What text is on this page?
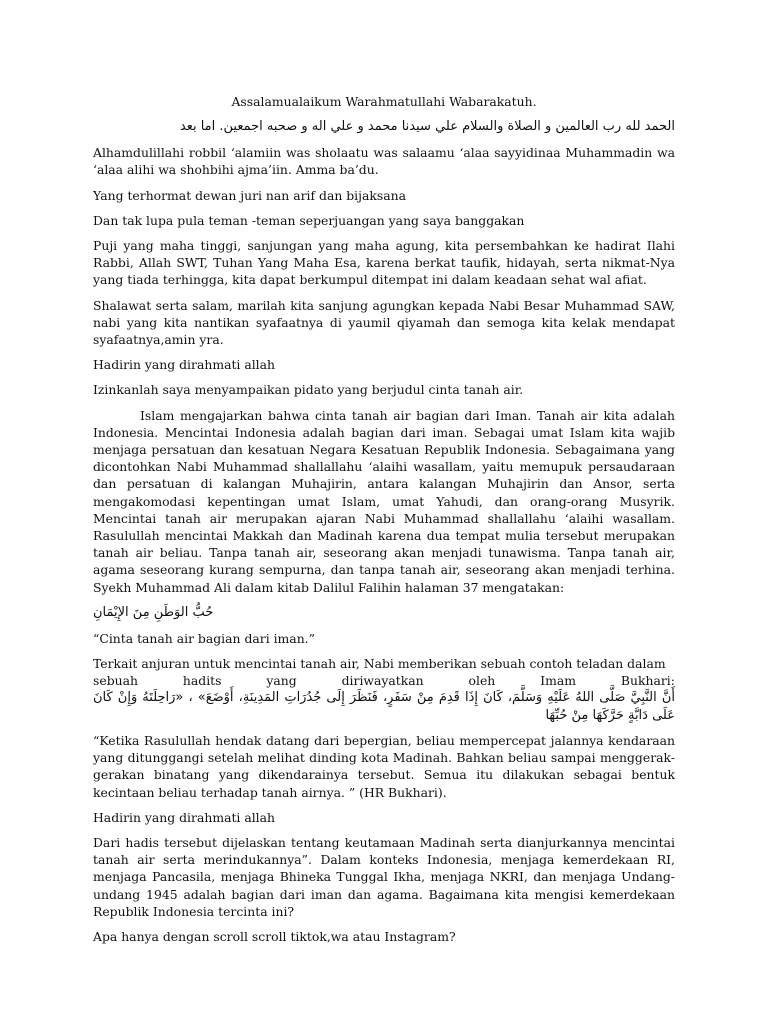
Assalamualaikum Warahmatullahi Wabarakatuh.

الحمد لله رب العالمين و الصلاة والسلام علي سيدنا محمد و علي اله و صحبه اجمعين. اما بعد

Alhamdulillahi robbil ‘alamiin was sholaatu was salaamu ‘alaa sayyidinaa Muhammadin wa ‘alaa alihi wa shohbihi ajma’iin. Amma ba’du.

Yang terhormat dewan juri nan arif dan bijaksana

Dan tak lupa pula teman -teman seperjuangan yang saya banggakan

Puji yang maha tinggi, sanjungan yang maha agung, kita persembahkan ke hadirat Ilahi Rabbi, Allah SWT, Tuhan Yang Maha Esa, karena berkat taufik, hidayah, serta nikmat-Nya yang tiada terhingga, kita dapat berkumpul ditempat ini dalam keadaan sehat wal afiat.

Shalawat serta salam, marilah kita sanjung agungkan kepada Nabi Besar Muhammad SAW, nabi yang kita nantikan syafaatnya di yaumil qiyamah dan semoga kita kelak mendapat syafaatnya,amin yra.

Hadirin yang dirahmati allah

Izinkanlah saya menyampaikan pidato yang berjudul cinta tanah air.

Islam mengajarkan bahwa cinta tanah air bagian dari Iman. Tanah air kita adalah Indonesia. Mencintai Indonesia adalah bagian dari iman. Sebagai umat Islam kita wajib menjaga persatuan dan kesatuan Negara Kesatuan Republik Indonesia. Sebagaimana yang dicontohkan Nabi Muhammad shallallahu ‘alaihi wasallam, yaitu memupuk persaudaraan dan persatuan di kalangan Muhajirin, antara kalangan Muhajirin dan Ansor, serta mengakomodasi kepentingan umat Islam, umat Yahudi, dan orang-orang Musyrik. Mencintai tanah air merupakan ajaran Nabi Muhammad shallallahu ‘alaihi wasallam. Rasulullah mencintai Makkah dan Madinah karena dua tempat mulia tersebut merupakan tanah air beliau. Tanpa tanah air, seseorang akan menjadi tunawisma. Tanpa tanah air, agama seseorang kurang sempurna, dan tanpa tanah air, seseorang akan menjadi terhina. Syekh Muhammad Ali dalam kitab Dalilul Falihin halaman 37 mengatakan:

حُبُّ الوَطَنِ مِنَ الإِيْمَانِ

“Cinta tanah air bagian dari iman.”

Terkait anjuran untuk mencintai tanah air, Nabi memberikan sebuah contoh teladan dalam

sebuah	hadits	yang	diriwayatkan	oleh	Imam	Bukhari:

أَنَّ النَّبِيَّ صَلَّى اللهُ عَلَيْهِ وَسَلَّمَ، كَانَ إِذَا قَدِمَ مِنْ سَفَرٍ، فَنَظَرَ إِلَى جُدُرَاتِ المَدِينَةِ، أَوْضَعَ» ، «رَاحِلَتَهُ وَإِنْ كَانَ عَلَى دَابَّةٍ حَرَّكَهَا مِنْ حُبِّهَا

“Ketika Rasulullah hendak datang dari bepergian, beliau mempercepat jalannya kendaraan yang ditunggangi setelah melihat dinding kota Madinah. Bahkan beliau sampai menggerak-gerakan binatang yang dikendarainya tersebut. Semua itu dilakukan sebagai bentuk kecintaan beliau terhadap tanah airnya. ” (HR Bukhari).

Hadirin yang dirahmati allah

Dari hadis tersebut dijelaskan tentang keutamaan Madinah serta dianjurkannya mencintai tanah air serta merindukannya”. Dalam konteks Indonesia, menjaga kemerdekaan RI, menjaga Pancasila, menjaga Bhineka Tunggal Ikha, menjaga NKRI, dan menjaga Undang-undang 1945 adalah bagian dari iman dan agama. Bagaimana kita mengisi kemerdekaan Republik Indonesia tercinta ini?

Apa hanya dengan scroll scroll tiktok,wa atau Instagram?
